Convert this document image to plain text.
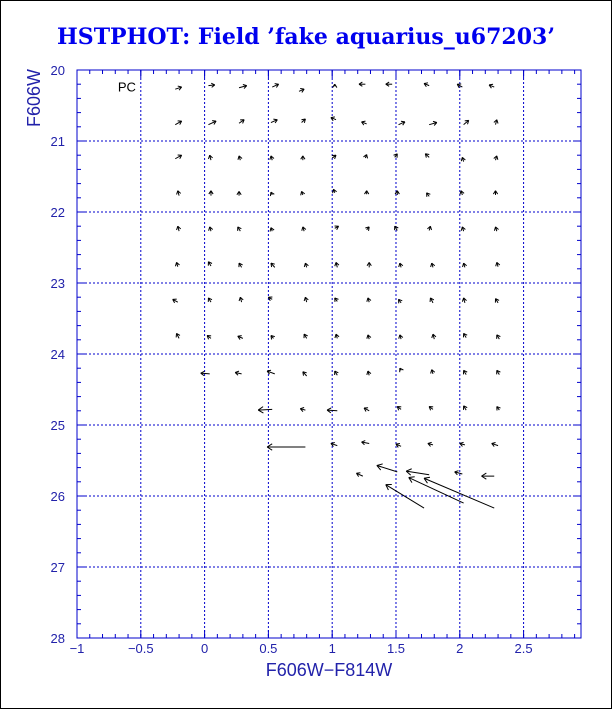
HSTPHOT: Field ’fake aquarius_u67203’
−1	−0.5	0	0.5	1	1.5	2	2.5
20
21
22
23
24
25
26
27
28
PC
F606W−F814W
F606W
